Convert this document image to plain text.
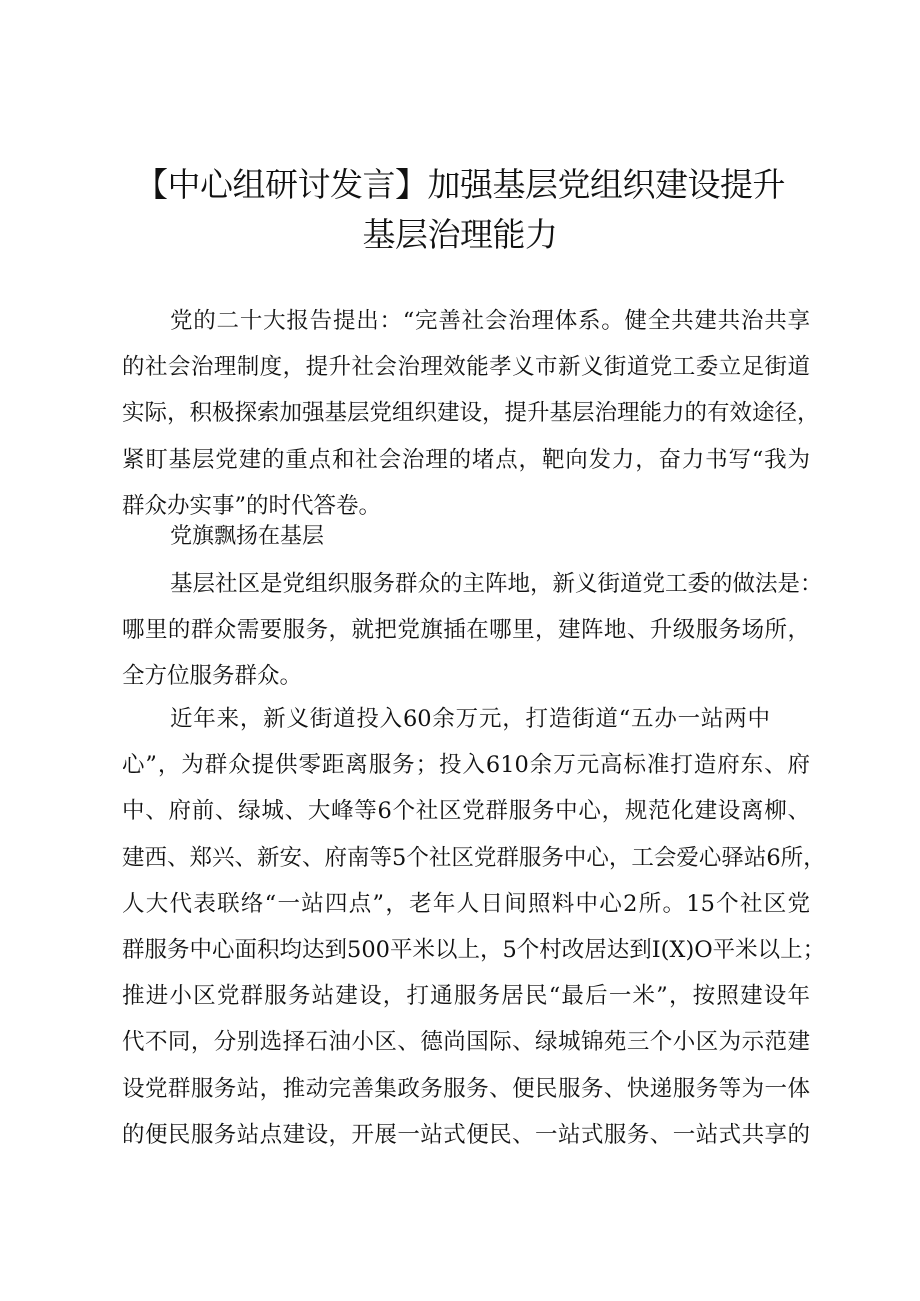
【中心组研讨发言】加强基层党组织建设提升
基层治理能力
党的二十大报告提出：“完善社会治理体系。健全共建共治共享
的社会治理制度，提升社会治理效能孝义市新义街道党工委立足街道
实际，积极探索加强基层党组织建设，提升基层治理能力的有效途径，
紧盯基层党建的重点和社会治理的堵点，靶向发力，奋力书写“我为
群众办实事”的时代答卷。
党旗飘扬在基层
基层社区是党组织服务群众的主阵地，新义街道党工委的做法是：
哪里的群众需要服务，就把党旗插在哪里，建阵地、升级服务场所，
全方位服务群众。
近年来，新义街道投入60余万元，打造街道“五办一站两中
心”，为群众提供零距离服务；投入610余万元高标准打造府东、府
中、府前、绿城、大峰等6个社区党群服务中心，规范化建设离柳、
建西、郑兴、新安、府南等5个社区党群服务中心，工会爱心驿站6所，
人大代表联络“一站四点”，老年人日间照料中心2所。15个社区党
群服务中心面积均达到500平米以上，5个村改居达到I(X)O平米以上；
推进小区党群服务站建设，打通服务居民“最后一米”，按照建设年
代不同，分别选择石油小区、德尚国际、绿城锦苑三个小区为示范建
设党群服务站，推动完善集政务服务、便民服务、快递服务等为一体
的便民服务站点建设，开展一站式便民、一站式服务、一站式共享的
